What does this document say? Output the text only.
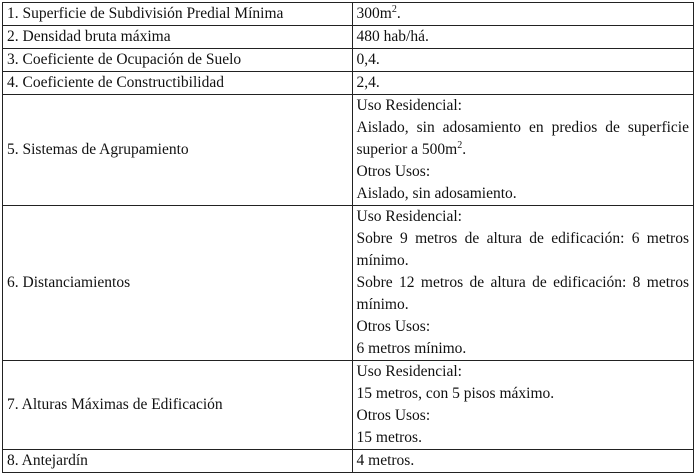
1. Superficie de Subdivisión Predial Mínima	$300m^2$.
2. Densidad bruta máxima	480 hab/há.
3. Coeficiente de Ocupación de Suelo	0,4.
4. Coeficiente de Constructibilidad	2,4.
5. Sistemas de Agrupamiento	Uso Residencial:
Aislado, sin adosamiento en predios de superficie superior a $500m^2$.
Otros Usos:
Aislado, sin adosamiento.

6. Distanciamientos	Uso Residencial:
Sobre 9 metros de altura de edificación: 6 metros mínimo.
Sobre 12 metros de altura de edificación: 8 metros mínimo.
Otros Usos:
6 metros mínimo.

7. Alturas Máximas de Edificación	Uso Residencial:
15 metros, con 5 pisos máximo.
Otros Usos:
15 metros.

8. Antejardín	4 metros.
